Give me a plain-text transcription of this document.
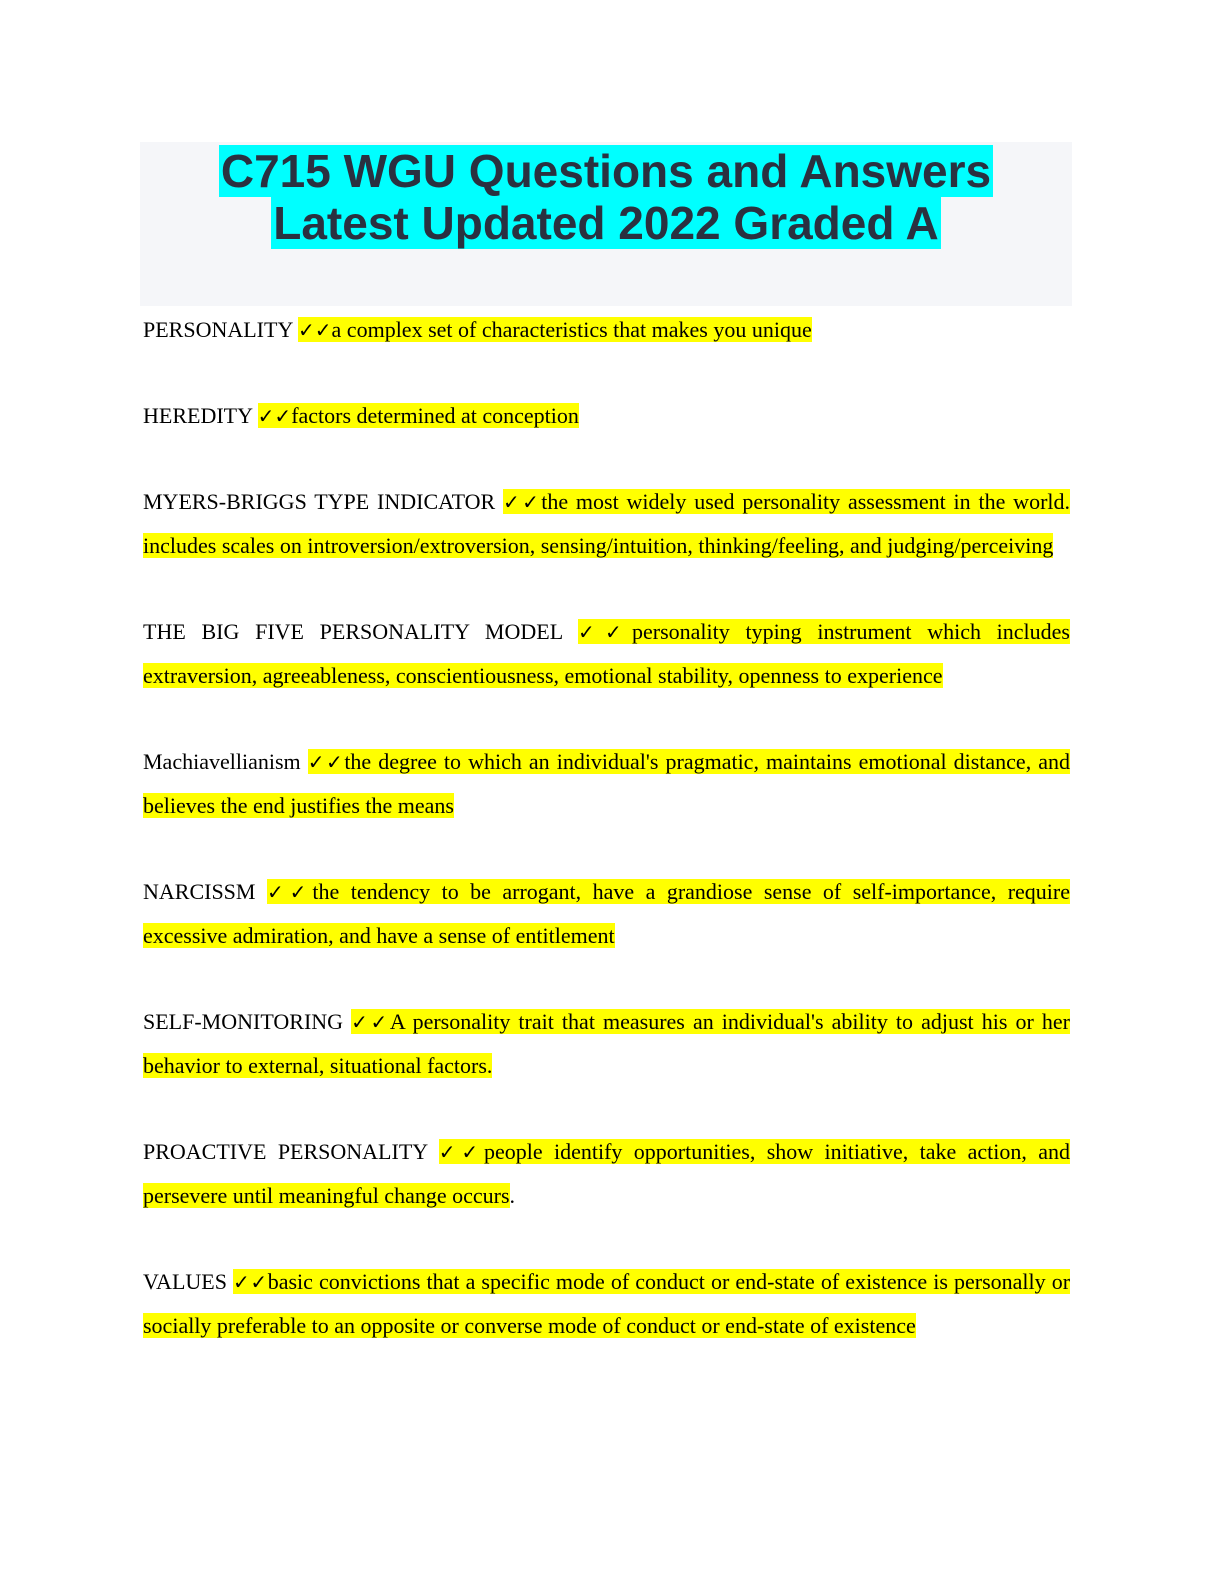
C715 WGU Questions and Answers
Latest Updated 2022 Graded A
PERSONALITY ✓✓a complex set of characteristics that makes you unique
HEREDITY ✓✓factors determined at conception
MYERS-BRIGGS TYPE INDICATOR ✓✓the most widely used personality assessment in the world. includes scales on introversion/extroversion, sensing/intuition, thinking/feeling, and judging/perceiving
THE BIG FIVE PERSONALITY MODEL ✓✓personality typing instrument which includes extraversion, agreeableness, conscientiousness, emotional stability, openness to experience
Machiavellianism ✓✓the degree to which an individual's pragmatic, maintains emotional distance, and believes the end justifies the means
NARCISSM ✓✓the tendency to be arrogant, have a grandiose sense of self-importance, require excessive admiration, and have a sense of entitlement
SELF-MONITORING ✓✓A personality trait that measures an individual's ability to adjust his or her behavior to external, situational factors.
PROACTIVE PERSONALITY ✓✓people identify opportunities, show initiative, take action, and persevere until meaningful change occurs.
VALUES ✓✓basic convictions that a specific mode of conduct or end-state of existence is personally or socially preferable to an opposite or converse mode of conduct or end-state of existence
